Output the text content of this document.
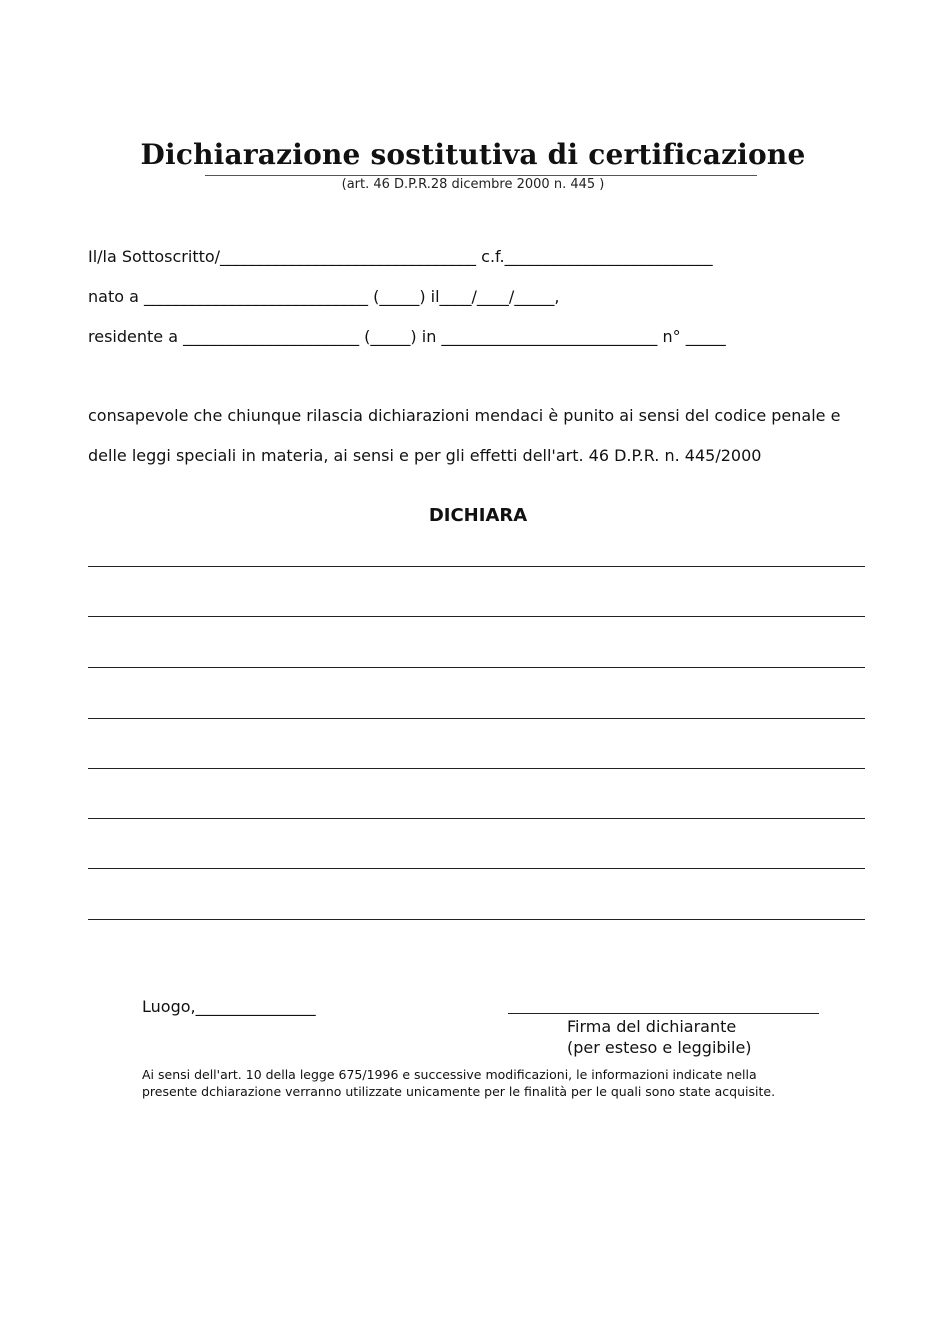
Dichiarazione sostitutiva di certificazione
(art. 46 D.P.R.28 dicembre 2000 n. 445 )
Il/la Sottoscritto/________________________________ c.f.__________________________
nato a ____________________________ (_____) il____/____/_____,
residente a ______________________ (_____) in ___________________________ n° _____
consapevole che chiunque rilascia dichiarazioni mendaci è punito ai sensi del codice penale e
delle leggi speciali in materia, ai sensi e per gli effetti dell'art. 46 D.P.R. n. 445/2000
DICHIARA
Luogo,_______________
Firma del dichiarante
(per esteso e leggibile)
Ai sensi dell'art. 10 della legge 675/1996 e successive modificazioni, le informazioni indicate nella
presente dchiarazione verranno utilizzate unicamente per le finalità per le quali sono state acquisite.
